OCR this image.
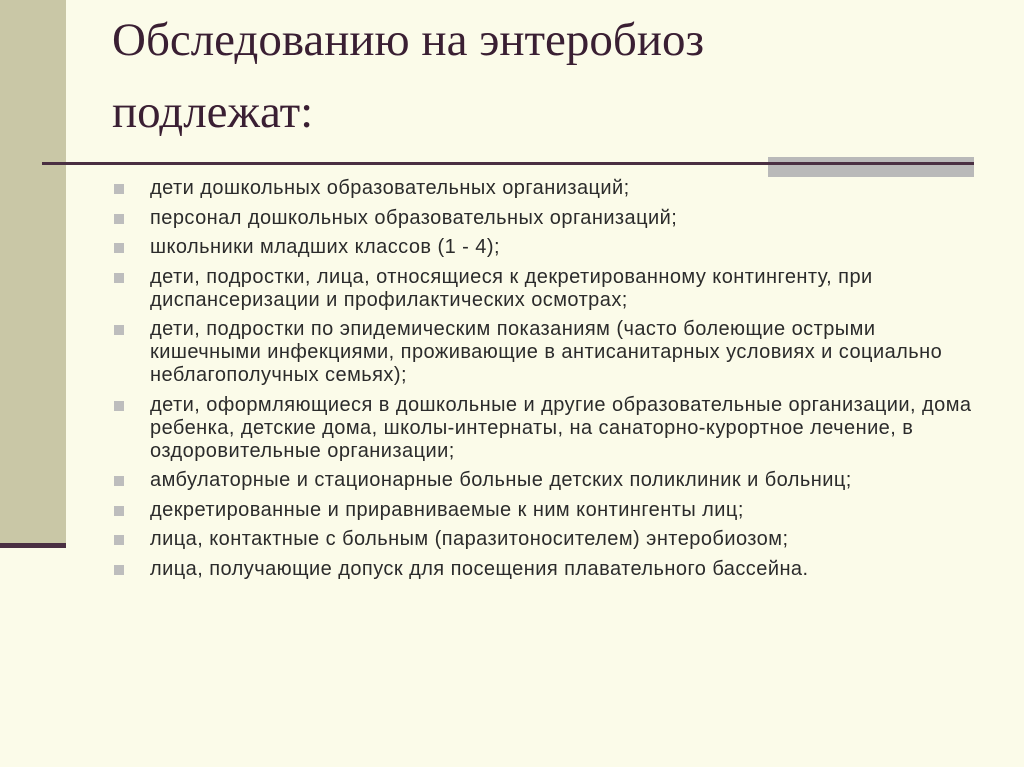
Обследованию на энтеробиоз
подлежат:
дети дошкольных образовательных организаций;
персонал дошкольных образовательных организаций;
школьники младших классов (1 - 4);
дети, подростки, лица, относящиеся к декретированному контингенту, при диспансеризации и профилактических осмотрах;
дети, подростки по эпидемическим показаниям (часто болеющие острыми кишечными инфекциями, проживающие в антисанитарных условиях и социально неблагополучных семьях);
дети, оформляющиеся в дошкольные и другие образовательные организации, дома ребенка, детские дома, школы-интернаты, на санаторно-курортное лечение, в оздоровительные организации;
амбулаторные и стационарные больные детских поликлиник и больниц;
декретированные и приравниваемые к ним контингенты лиц;
лица, контактные с больным (паразитоносителем) энтеробиозом;
лица, получающие допуск для посещения плавательного бассейна.
